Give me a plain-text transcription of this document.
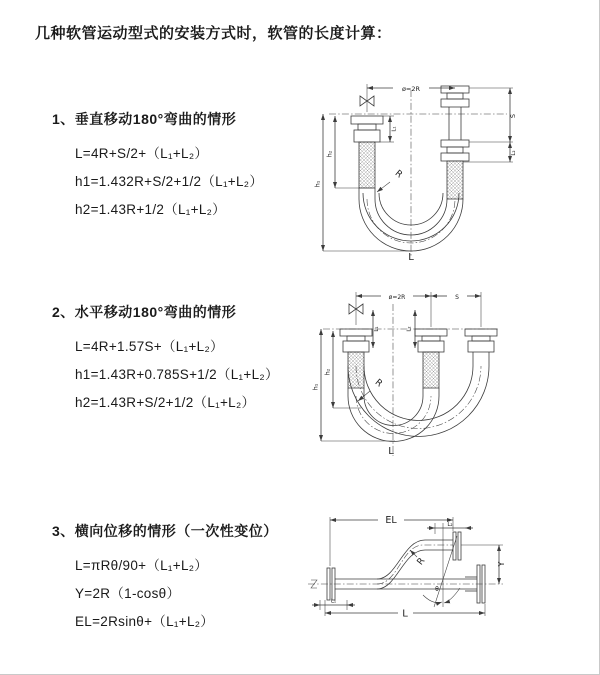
几种软管运动型式的安装方式时，软管的长度计算：
1、垂直移动180°弯曲的情形
L=4R+S/2+（L₁+L₂）
h1=1.432R+S/2+1/2（L₁+L₂）
h2=1.43R+1/2（L₁+L₂）
2、水平移动180°弯曲的情形
L=4R+1.57S+（L₁+L₂）
h1=1.43R+0.785S+1/2（L₁+L₂）
h2=1.43R+S/2+1/2（L₁+L₂）
3、横向位移的情形（一次性变位）
L=πRθ/90+（L₁+L₂）
Y=2R（1-cosθ）
EL=2Rsinθ+（L₁+L₂）
ø=2R
h₁
h₂
L₁
S
L₂
R
L
ø=2R	S
h₁
h₂
L₁	L₂
R
L
EL	L₂
θ
R	Y
L₁
L
